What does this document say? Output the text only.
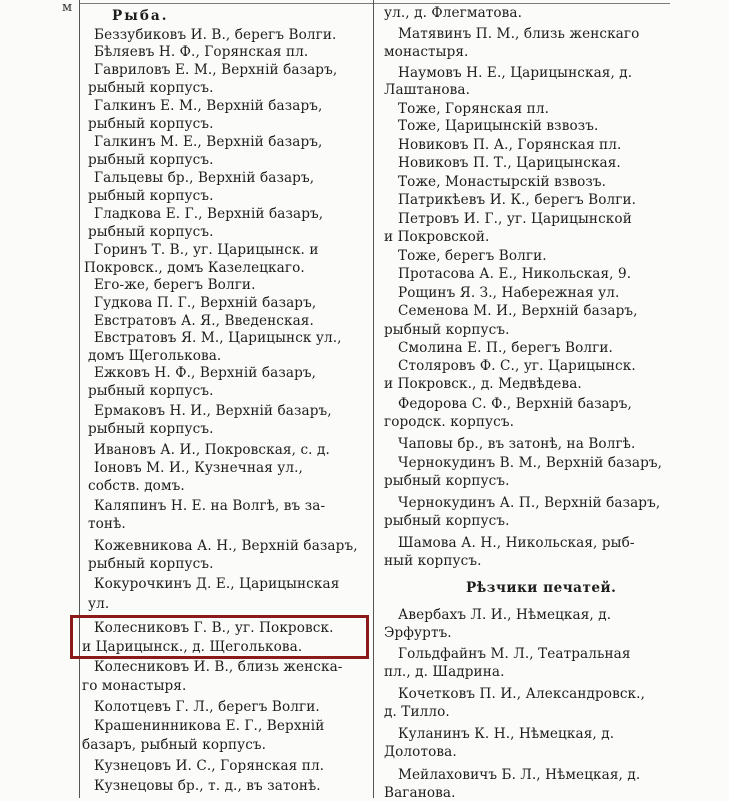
м
Рыба.
Беззубиковъ И. В., берегъ Волги.
Бѣляевъ Н. Ф., Горянская пл.
Гавриловъ Е. М., Верхній базаръ,
рыбный корпусъ.
Галкинъ Е. М., Верхній базаръ,
рыбный корпусъ.
Галкинъ М. Е., Верхній базаръ,
рыбный корпусъ.
Гальцевы бр., Верхній базаръ,
рыбный корпусъ.
Гладкова Е. Г., Верхній базаръ,
рыбный корпусъ.
Горинъ Т. В., уг. Царицынск. и
Покровск., домъ Казелецкаго.
Его-же, берегъ Волги.
Гудкова П. Г., Верхній базаръ,
Евстратовъ А. Я., Введенская.
Евстратовъ Я. М., Царицынск ул.,
домъ Щеголькова.
Ежковъ Н. Ф., Верхній базаръ,
рыбный корпусъ.
Ермаковъ Н. И., Верхній базаръ,
рыбный корпусъ.
Ивановъ А. И., Покровская, с. д.
Іоновъ М. И., Кузнечная ул.,
собств. домъ.
Каляпинъ Н. Е. на Волгѣ, въ за-
тонѣ.
Кожевникова А. Н., Верхній базаръ,
рыбный корпусъ.
Кокурочкинъ Д. Е., Царицынская
ул.
Колесниковъ Г. В., уг. Покровск.
и Царицынск., д. Щеголькова.
Колесниковъ И. В., близь женска-
го монастыря.
Колотцевъ Г. Л., берегъ Волги.
Крашенинникова Е. Г., Верхній
базаръ, рыбный корпусъ.
Кузнецовъ И. С., Горянская пл.
Кузнецовы бр., т. д., въ затонѣ.
ул., д. Флегматова.
Матявинъ П. М., близь женскаго
монастыря.
Наумовъ Н. Е., Царицынская, д.
Лаштанова.
Тоже, Горянская пл.
Тоже, Царицынскій взвозъ.
Новиковъ П. А., Горянская пл.
Новиковъ П. Т., Царицынская.
Тоже, Монастырскій взвозъ.
Патрикѣевъ И. К., берегъ Волги.
Петровъ И. Г., уг. Царицынской
и Покровской.
Тоже, берегъ Волги.
Протасова А. Е., Никольская, 9.
Рощинъ Я. З., Набережная ул.
Семенова М. И., Верхній базаръ,
рыбный корпусъ.
Смолина Е. П., берегъ Волги.
Столяровъ Ф. С., уг. Царицынск.
и Покровск., д. Медвѣдева.
Федорова С. Ф., Верхній базаръ,
городск. корпусъ.
Чаповы бр., въ затонѣ, на Волгѣ.
Чернокудинъ В. М., Верхній базаръ,
рыбный корпусъ.
Чернокудинъ А. П., Верхній базаръ,
рыбный корпусъ.
Шамова А. Н., Никольская, рыб-
ный корпусъ.
Рѣзчики печатей.
Авербахъ Л. И., Нѣмецкая, д.
Эрфуртъ.
Гольдфайнъ М. Л., Театральная
пл., д. Шадрина.
Кочетковъ П. И., Александровск.,
д. Тилло.
Куланинъ К. Н., Нѣмецкая, д.
Долотова.
Мейлаховичъ Б. Л., Нѣмецкая, д.
Ваганова.
